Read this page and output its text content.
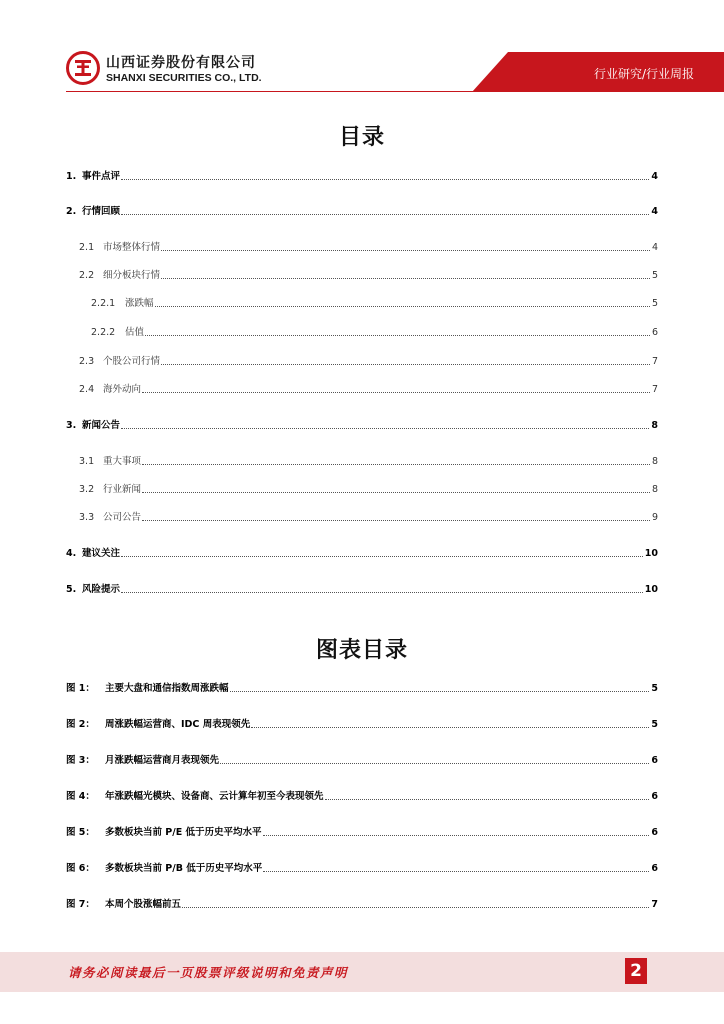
山西证券股份有限公司
SHANXI SECURITIES CO., LTD.	行业研究/行业周报
目录
1. 事件点评	4
2. 行情回顾	4
2.1 市场整体行情	4
2.2 细分板块行情	5
2.2.1	涨跌幅	5
2.2.2	估值	6
2.3 个股公司行情	7
2.4 海外动向	7
3. 新闻公告	8
3.1 重大事项	8
3.2 行业新闻	8
3.3 公司公告	9
4. 建议关注	10
5. 风险提示	10
图表目录
图 1：	主要大盘和通信指数周涨跌幅	5
图 2：	周涨跌幅运营商、IDC 周表现领先	5
图 3：	月涨跌幅运营商月表现领先	6
图 4：	年涨跌幅光模块、设备商、云计算年初至今表现领先	6
图 5：	多数板块当前 P/E 低于历史平均水平	6
图 6：	多数板块当前 P/B 低于历史平均水平	6
图 7：	本周个股涨幅前五	7
请务必阅读最后一页股票评级说明和免责声明	2
